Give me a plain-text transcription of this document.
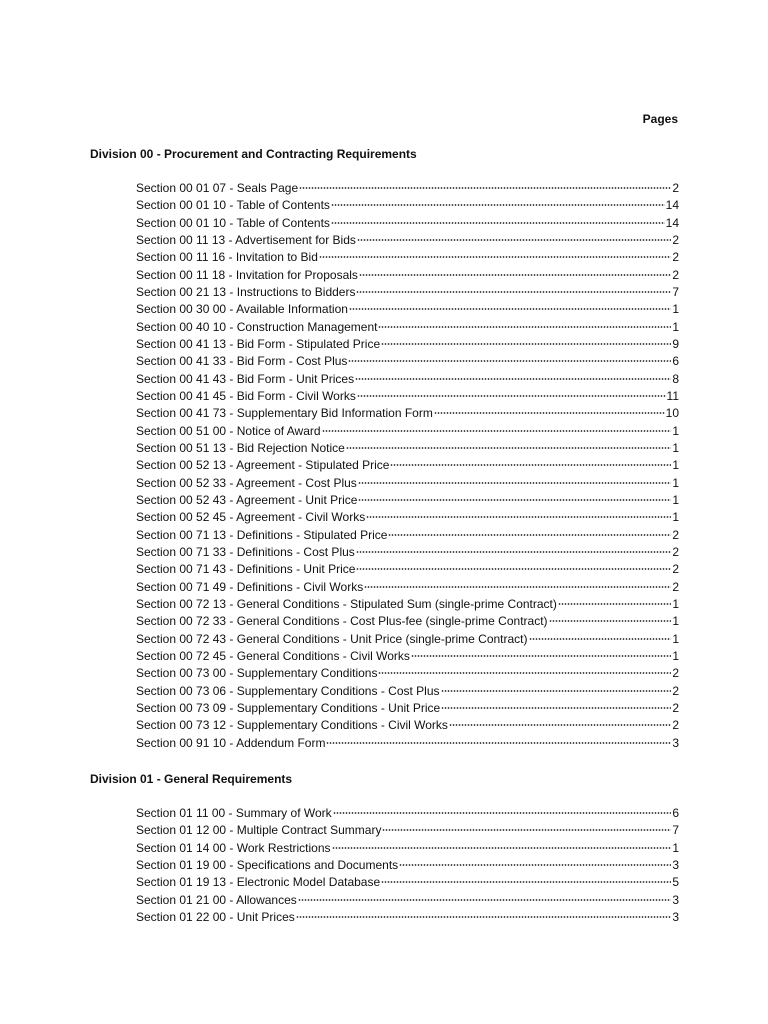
Pages
Division 00 - Procurement and Contracting Requirements
Section 00 01 07 - Seals Page	2
Section 00 01 10 - Table of Contents	14
Section 00 01 10 - Table of Contents	14
Section 00 11 13 - Advertisement for Bids	2
Section 00 11 16 - Invitation to Bid	2
Section 00 11 18 - Invitation for Proposals	2
Section 00 21 13 - Instructions to Bidders	7
Section 00 30 00 - Available Information	1
Section 00 40 10 - Construction Management	1
Section 00 41 13 - Bid Form - Stipulated Price	9
Section 00 41 33 - Bid Form - Cost Plus	6
Section 00 41 43 - Bid Form - Unit Prices	8
Section 00 41 45 - Bid Form - Civil Works	11
Section 00 41 73 - Supplementary Bid Information Form	10
Section 00 51 00 - Notice of Award	1
Section 00 51 13 - Bid Rejection Notice	1
Section 00 52 13 - Agreement - Stipulated Price	1
Section 00 52 33 - Agreement - Cost Plus	1
Section 00 52 43 - Agreement - Unit Price	1
Section 00 52 45 - Agreement - Civil Works	1
Section 00 71 13 - Definitions - Stipulated Price	2
Section 00 71 33 - Definitions - Cost Plus	2
Section 00 71 43 - Definitions - Unit Price	2
Section 00 71 49 - Definitions - Civil Works	2
Section 00 72 13 - General Conditions - Stipulated Sum (single-prime Contract)	1
Section 00 72 33 - General Conditions - Cost Plus-fee (single-prime Contract)	1
Section 00 72 43 - General Conditions - Unit Price (single-prime Contract)	1
Section 00 72 45 - General Conditions - Civil Works	1
Section 00 73 00 - Supplementary Conditions	2
Section 00 73 06 - Supplementary Conditions - Cost Plus	2
Section 00 73 09 - Supplementary Conditions - Unit Price	2
Section 00 73 12 - Supplementary Conditions - Civil Works	2
Section 00 91 10 - Addendum Form	3
Division 01 - General Requirements
Section 01 11 00 - Summary of Work	6
Section 01 12 00 - Multiple Contract Summary	7
Section 01 14 00 - Work Restrictions	1
Section 01 19 00 - Specifications and Documents	3
Section 01 19 13 - Electronic Model Database	5
Section 01 21 00 - Allowances	3
Section 01 22 00 - Unit Prices	3
